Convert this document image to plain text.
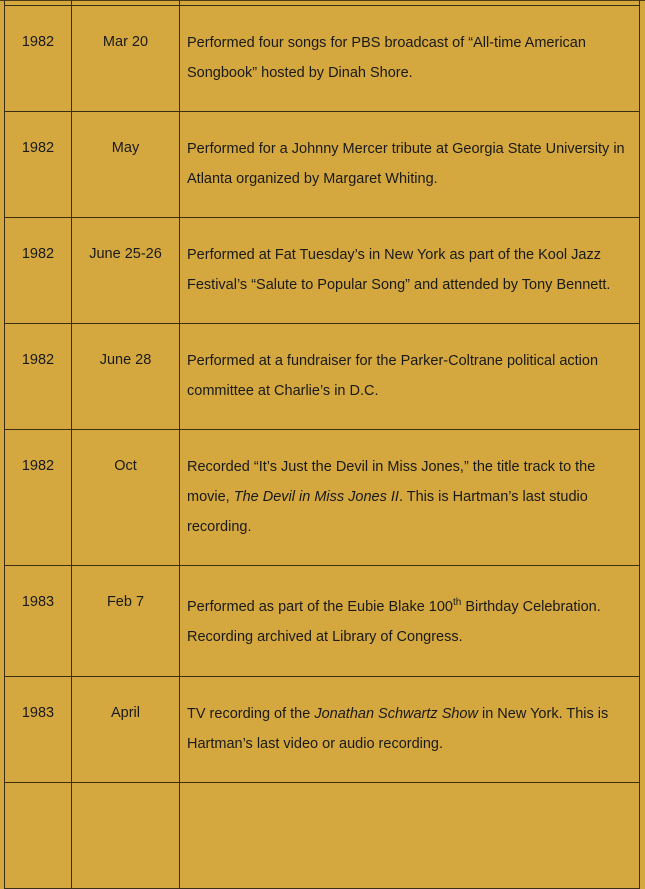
1982	Mar 20	Performed four songs for PBS broadcast of “All-time American Songbook” hosted by Dinah Shore.
1982	May	Performed for a Johnny Mercer tribute at Georgia State University in Atlanta organized by Margaret Whiting.
1982	June 25-26	Performed at Fat Tuesday’s in New York as part of the Kool Jazz Festival’s “Salute to Popular Song” and attended by Tony Bennett.
1982	June 28	Performed at a fundraiser for the Parker-Coltrane political action committee at Charlie’s in D.C.
1982	Oct	Recorded “It’s Just the Devil in Miss Jones,” the title track to the movie, The Devil in Miss Jones II. This is Hartman’s last studio recording.
1983	Feb 7	Performed as part of the Eubie Blake 100th Birthday Celebration. Recording archived at Library of Congress.
1983	April	TV recording of the Jonathan Schwartz Show in New York. This is Hartman’s last video or audio recording.
